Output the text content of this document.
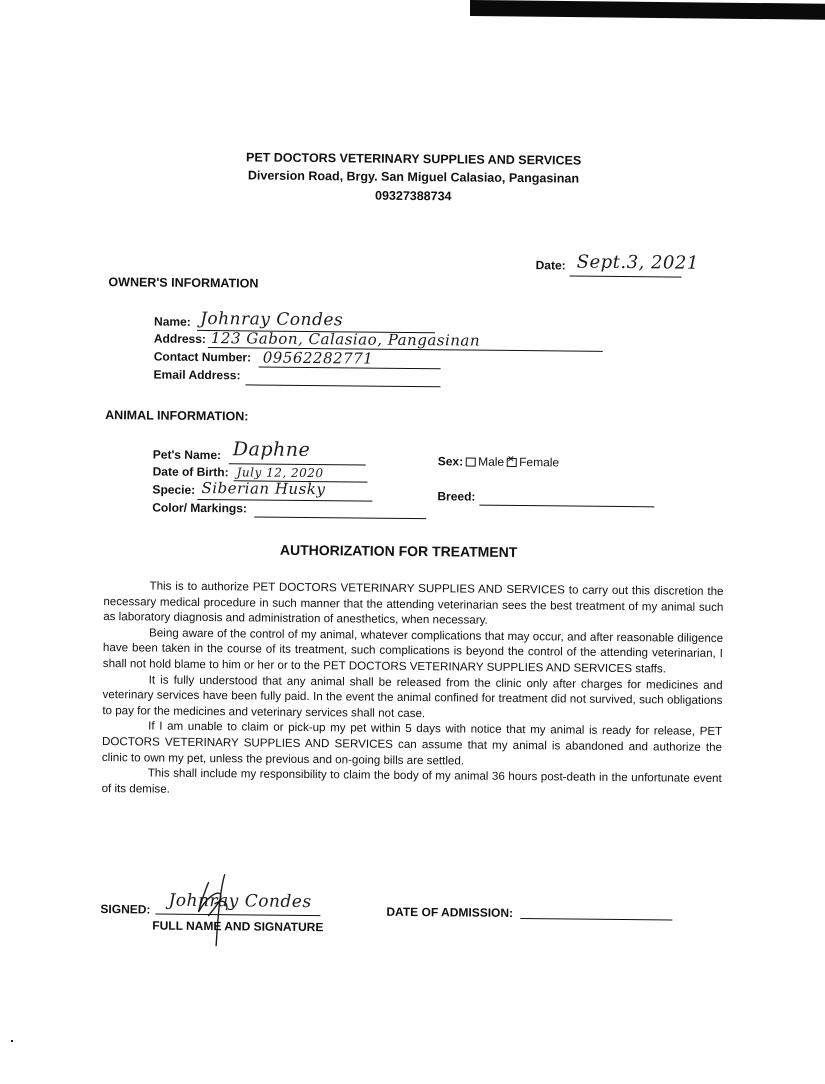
PET DOCTORS VETERINARY SUPPLIES AND SERVICES
Diversion Road, Brgy. San Miguel Calasiao, Pangasinan
09327388734
Date: Sept.3, 2021
OWNER'S INFORMATION
Name: Johnray Condes
Address: 123 Gabon, Calasiao, Pangasinan
Contact Number: 09562282771
Email Address:
ANIMAL INFORMATION:
Pet's Name: Daphne
Date of Birth: July 12, 2020
Specie: Siberian Husky
Color/ Markings:
Sex: Male✕ Female
Breed:
AUTHORIZATION FOR TREATMENT

This is to authorize PET DOCTORS VETERINARY SUPPLIES AND SERVICES to carry out this discretion the necessary medical procedure in such manner that the attending veterinarian sees the best treatment of my animal such as laboratory diagnosis and administration of anesthetics, when necessary.

Being aware of the control of my animal, whatever complications that may occur, and after reasonable diligence have been taken in the course of its treatment, such complications is beyond the control of the attending veterinarian, I shall not hold blame to him or her or to the PET DOCTORS VETERINARY SUPPLIES AND SERVICES staffs.

It is fully understood that any animal shall be released from the clinic only after charges for medicines and veterinary services have been fully paid. In the event the animal confined for treatment did not survived, such obligations to pay for the medicines and veterinary services shall not case.

If I am unable to claim or pick-up my pet within 5 days with notice that my animal is ready for release, PET DOCTORS VETERINARY SUPPLIES AND SERVICES can assume that my animal is abandoned and authorize the clinic to own my pet, unless the previous and on-going bills are settled.

This shall include my responsibility to claim the body of my animal 36 hours post-death in the unfortunate event of its demise.

SIGNED: Johnray Condes
FULL NAME AND SIGNATURE
DATE OF ADMISSION:
